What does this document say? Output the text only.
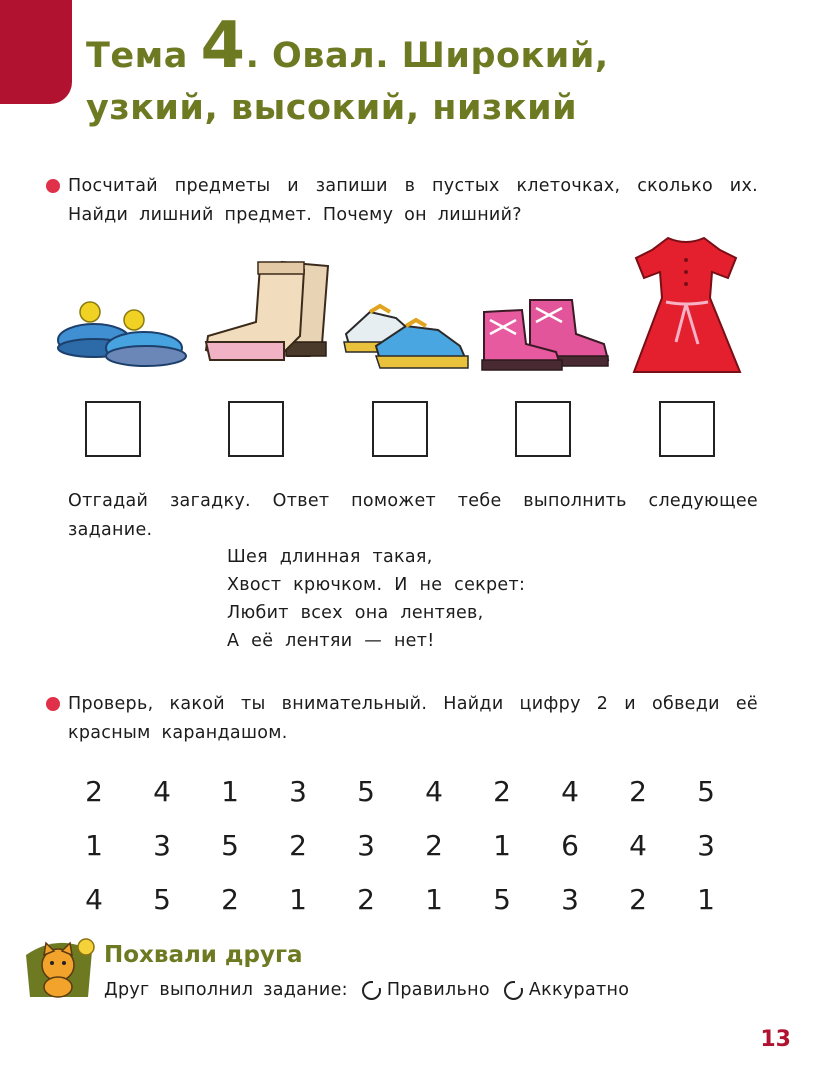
Тема 4. Овал. Широкий,
узкий, высокий, низкий
Посчитай предметы и запиши в пустых клеточках, сколько их. Найди лишний предмет. Почему он лишний?
Отгадай загадку. Ответ поможет тебе выполнить следующее задание.
Шея длинная такая,
Хвост крючком. И не секрет:
Любит всех она лентяев,
А её лентяи — нет!
Проверь, какой ты внимательный. Найди цифру 2 и обведи её красным карандашом.
2	4	1	3	5	4	2	4	2	5
1	3	5	2	3	2	1	6	4	3
4	5	2	1	2	1	5	3	2	1
Похвали друга
Друг выполнил задание: Правильно Аккуратно
13
